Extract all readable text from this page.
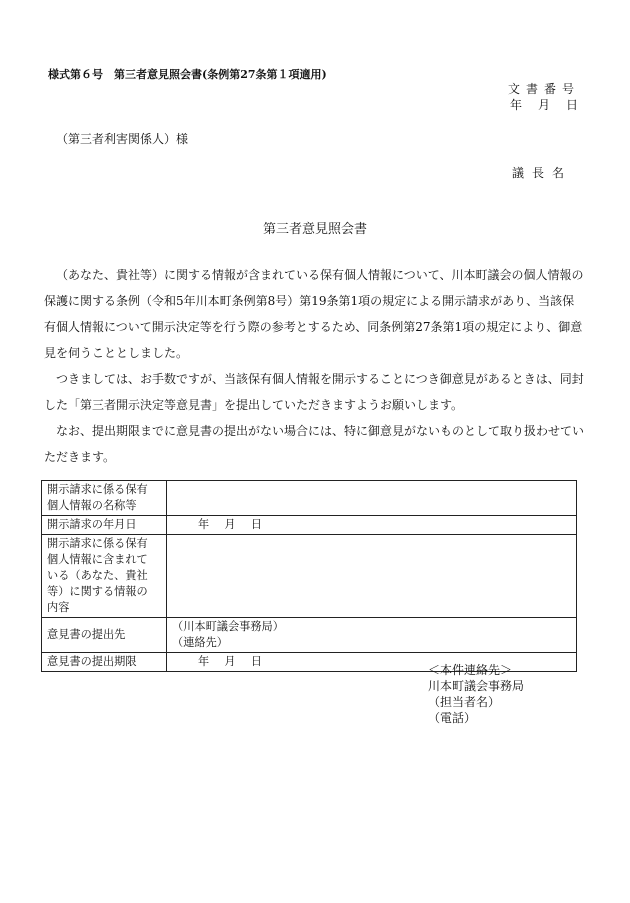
様式第６号　第三者意見照会書(条例第27条第１項適用)
文書番号
年　月　日
（第三者利害関係人）様
議長名
第三者意見照会書

（あなた、貴社等）に関する情報が含まれている保有個人情報について、川本町議会の個人情報の保護に関する条例（令和5年川本町条例第8号）第19条第1項の規定による開示請求があり、当該保有個人情報について開示決定等を行う際の参考とするため、同条例第27条第1項の規定により、御意見を伺うこととしました。

つきましては、お手数ですが、当該保有個人情報を開示することにつき御意見があるときは、同封した「第三者開示決定等意見書」を提出していただきますようお願いします。

なお、提出期限までに意見書の提出がない場合には、特に御意見がないものとして取り扱わせていただきます。

開示請求に係る保有個人情報の名称等	

開示請求の年月日	年　月　日

開示請求に係る保有個人情報に含まれている（あなた、貴社等）に関する情報の内容	

意見書の提出先	（川本町議会事務局）
（連絡先）

意見書の提出期限	年　月　日
＜本件連絡先＞
川本町議会事務局
（担当者名）
（電話）
